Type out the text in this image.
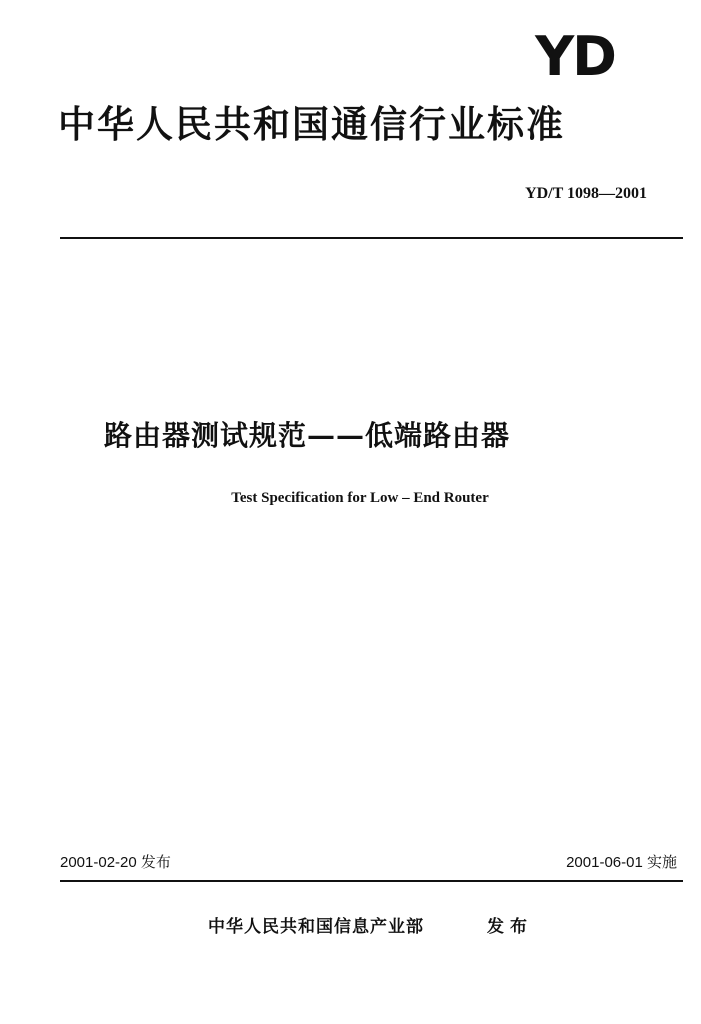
YD
中华人民共和国通信行业标准
YD/T 1098—2001
路由器测试规范——低端路由器
Test Specification for Low – End Router
2001-02-20 发布	2001-06-01 实施
中华人民共和国信息产业部	发布
